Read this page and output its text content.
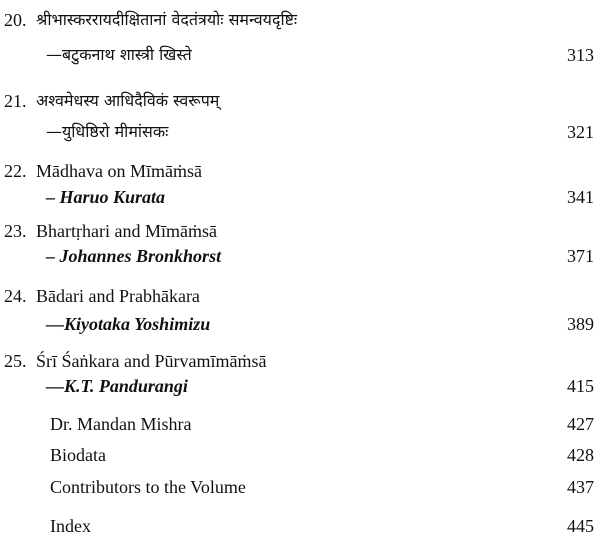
20. श्रीभास्कररायदीक्षितानां वेदतंत्रयोः समन्वयदृष्टिः
—बटुकनाथ शास्त्री खिस्ते	313
21. अश्वमेधस्य आधिदैविकं स्वरूपम्
—युधिष्ठिरो मीमांसकः	321
22. Mādhava on Mīmāṁsā
– Haruo Kurata	341
23. Bhartṛhari and Mīmāṁsā
– Johannes Bronkhorst	371
24. Bādari and Prabhākara
—Kiyotaka Yoshimizu	389
25. Śrī Śaṅkara and Pūrvamīmāṁsā
—K.T. Pandurangi	415
Dr. Mandan Mishra	427
Biodata	428
Contributors to the Volume	437
Index	445
